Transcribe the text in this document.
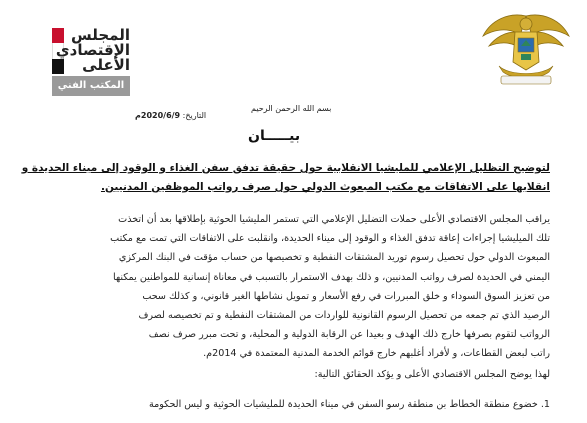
المجلس
الإقتصادي
الأعلى
المكتب الفني
بسم الله الرحمن الرحيم
التاريخ: 2020/6/9م
بيـــــان
لتوضيح التظليل الإعلامي للمليشيا الانقلابية حول حقيقة تدفق سفن الغذاء و الوقود إلى ميناء الحديدة و
انقلابها على الاتفاقات مع مكتب المبعوث الدولي حول صرف رواتب الموظفين المدنيين.
يراقب المجلس الاقتصادي الأعلى حملات التضليل الإعلامي التي تستمر المليشيا الحوثية بإطلاقها بعد أن اتخذت
تلك الميليشيا إجراءات إعاقة تدفق الغذاء و الوقود إلى ميناء الحديدة، وانقلبت على الاتفاقات التي تمت مع مكتب
المبعوث الدولي حول تحصيل رسوم توريد المشتقات النفطية و تخصيصها من حساب مؤقت في البنك المركزي
اليمني في الحديدة لصرف رواتب المدنيين، و ذلك بهدف الاستمرار بالتسبب في معاناة إنسانية للمواطنين يمكنها
من تعزيز السوق السوداء و خلق المبررات في رفع الأسعار و تمويل نشاطها الغير قانوني، و كذلك سحب
الرصيد الذي تم جمعه من تحصيل الرسوم القانونية للواردات من المشتقات النفطية و تم تخصيصه لصرف
الرواتب لتقوم بصرفها خارج ذلك الهدف و بعيدا عن الرقابة الدولية و المحلية، و تحت مبرر صرف نصف
راتب لبعض القطاعات، و لأفراد أغلبهم خارج قوائم الخدمة المدنية المعتمدة في 2014م.
لهذا يوضح المجلس الاقتصادي الأعلى و يؤكد الحقائق التالية:
1. خضوع منطقة الخطاط بن منطقة رسو السفن في ميناء الحديدة للمليشيات الحوثية و ليس الحكومة
